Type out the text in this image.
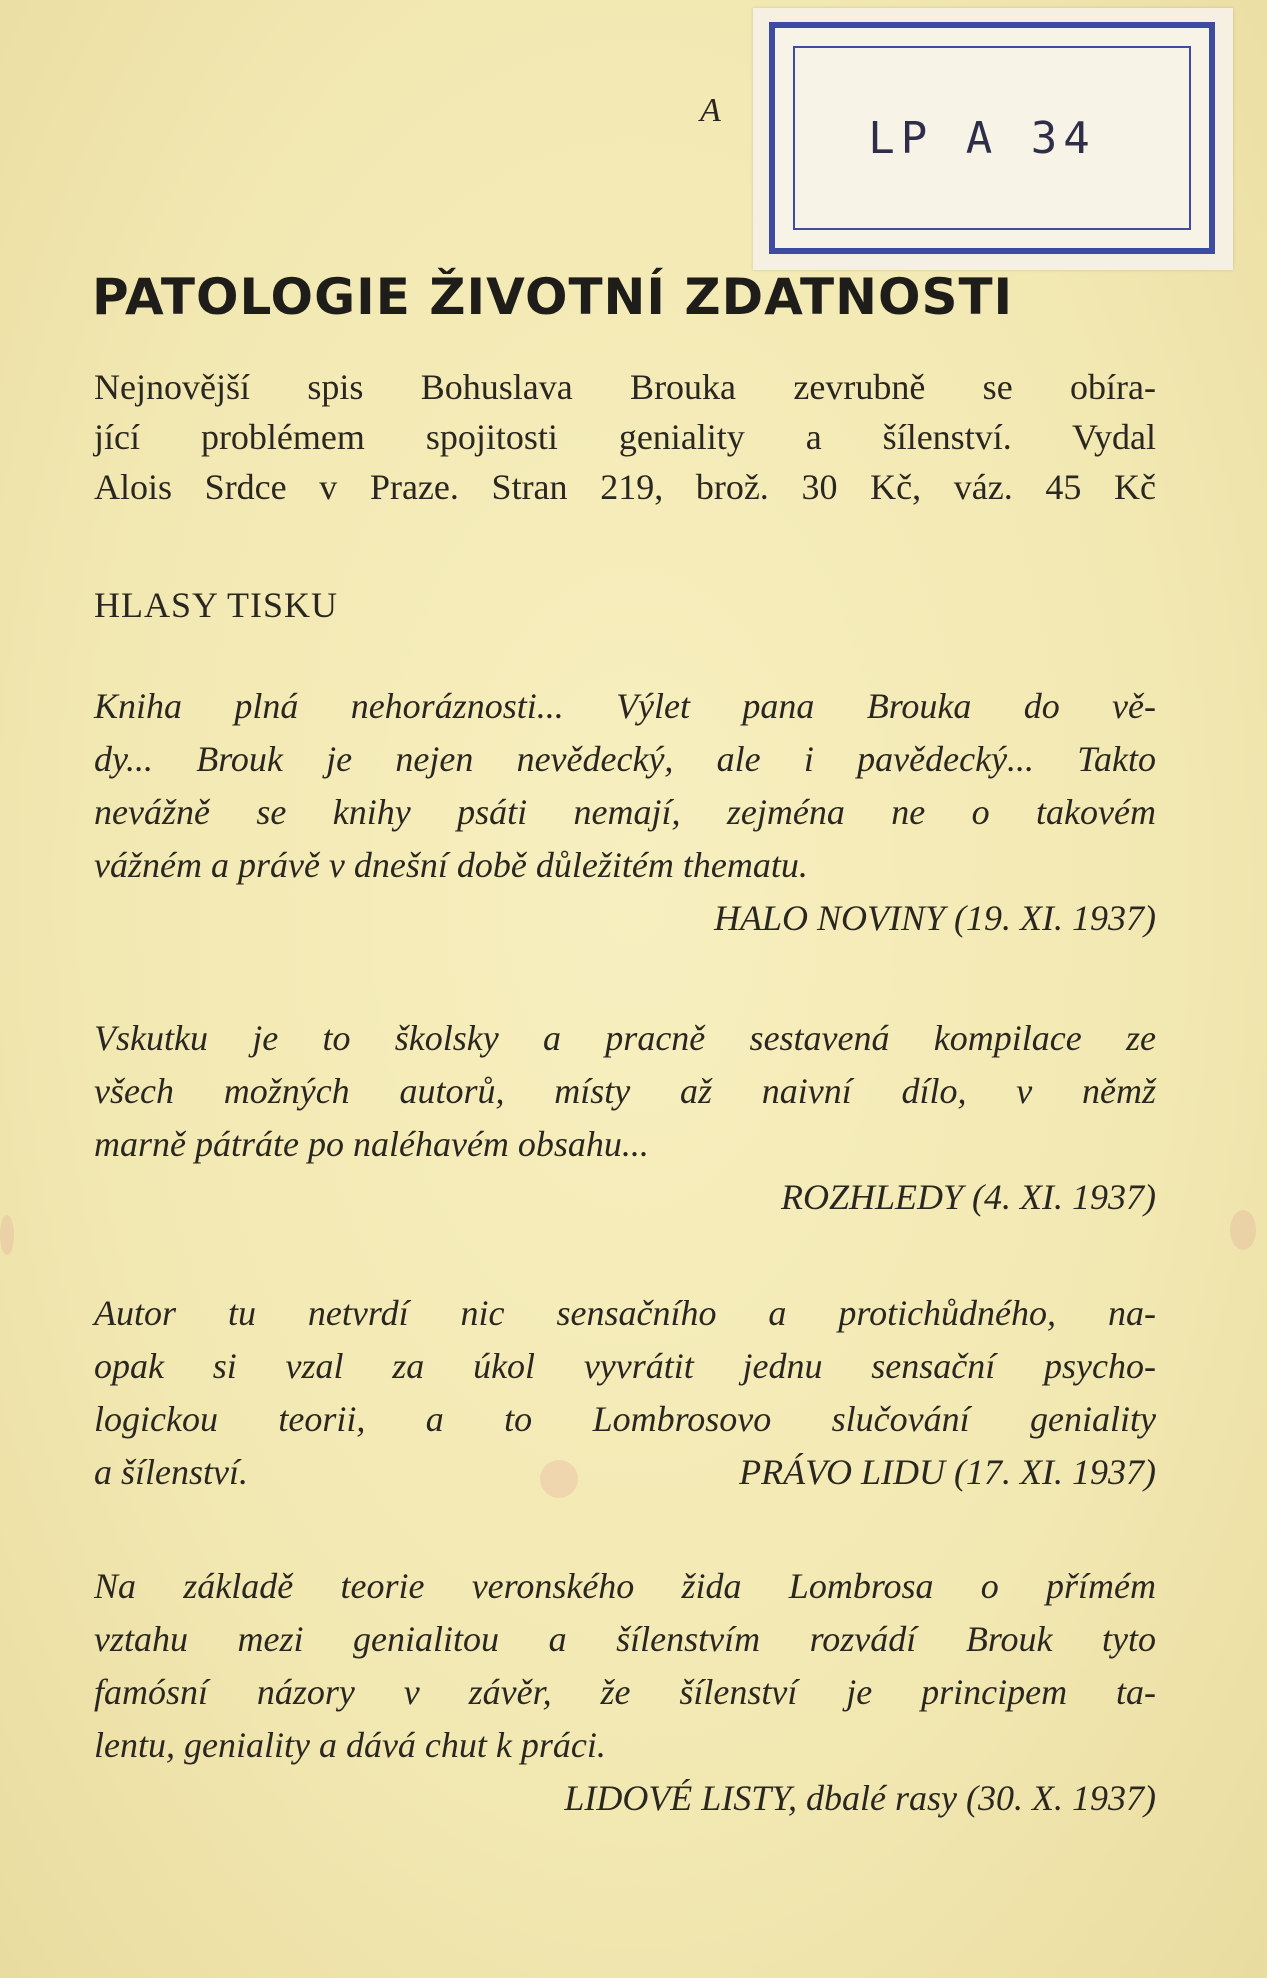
A
LP A 34
PATOLOGIE ŽIVOTNÍ ZDATNOSTI
Nejnovější spis Bohuslava Brouka zevrubně se obíra-
jící problémem spojitosti geniality a šílenství. Vydal
Alois Srdce v Praze. Stran 219, brož. 30 Kč, váz. 45 Kč
HLASY TISKU
Kniha plná nehoráznosti... Výlet pana Brouka do vě-
dy... Brouk je nejen nevědecký, ale i pavědecký... Takto
nevážně se knihy psáti nemají, zejména ne o takovém
vážném a právě v dnešní době důležitém thematu.
HALO NOVINY (19. XI. 1937)
Vskutku je to školsky a pracně sestavená kompilace ze
všech možných autorů, místy až naivní dílo, v němž
marně pátráte po naléhavém obsahu...
ROZHLEDY (4. XI. 1937)
Autor tu netvrdí nic sensačního a protichůdného, na-
opak si vzal za úkol vyvrátit jednu sensační psycho-
logickou teorii, a to Lombrosovo slučování geniality
a šílenství.	PRÁVO LIDU (17. XI. 1937)
Na základě teorie veronského žida Lombrosa o přímém
vztahu mezi genialitou a šílenstvím rozvádí Brouk tyto
famósní názory v závěr, že šílenství je principem ta-
lentu, geniality a dává chut k práci.
LIDOVÉ LISTY, dbalé rasy (30. X. 1937)
